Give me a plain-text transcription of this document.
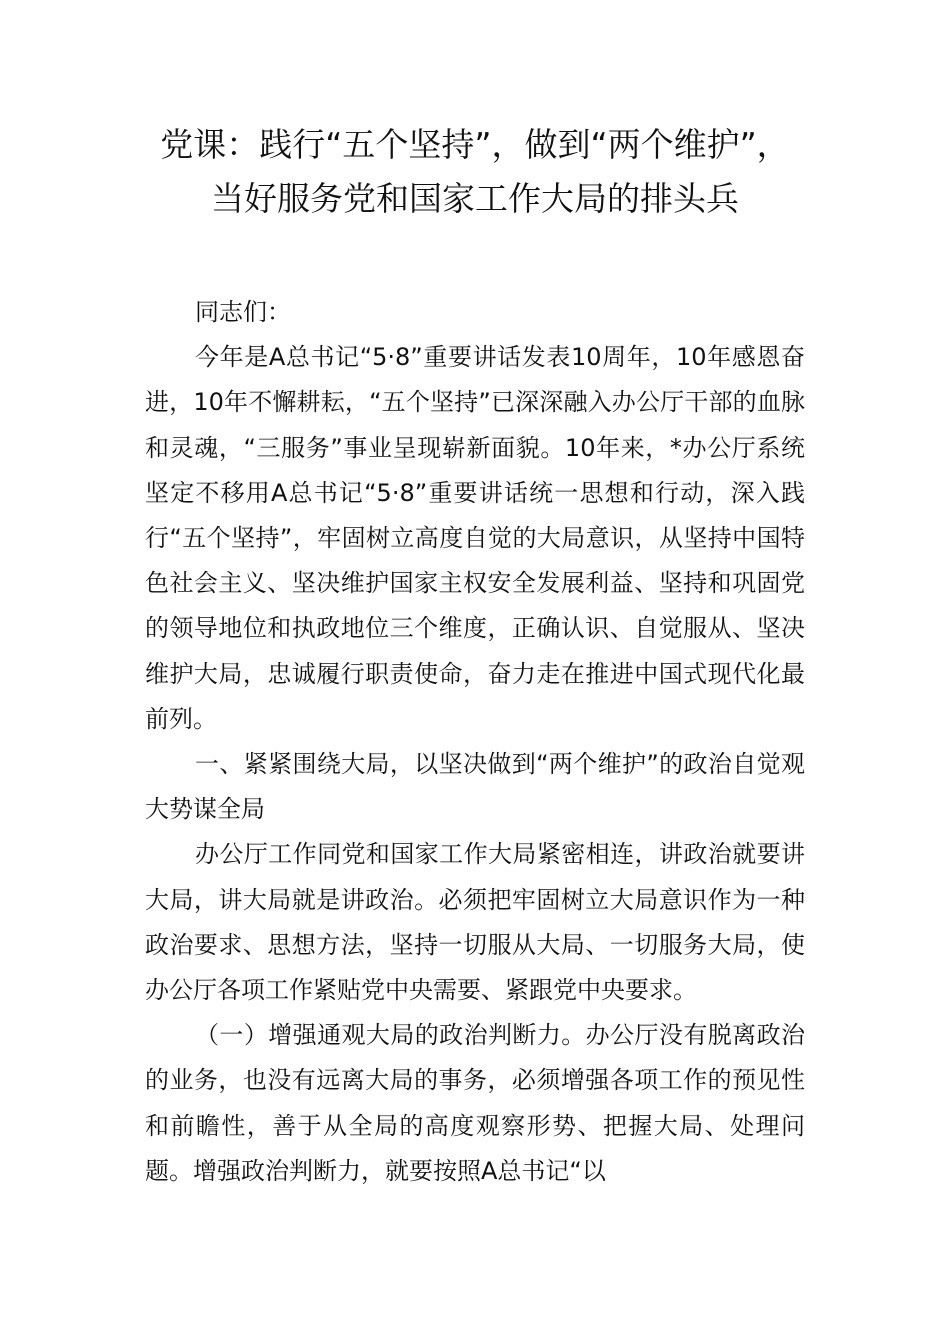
党课：践行“五个坚持”，做到“两个维护”，当好服务党和国家工作大局的排头兵

同志们：

今年是A总书记“5·8”重要讲话发表10周年，10年感恩奋进，10年不懈耕耘，“五个坚持”已深深融入办公厅干部的血脉和灵魂，“三服务”事业呈现崭新面貌。10年来，*办公厅系统坚定不移用A总书记“5·8”重要讲话统一思想和行动，深入践行“五个坚持”，牢固树立高度自觉的大局意识，从坚持中国特色社会主义、坚决维护国家主权安全发展利益、坚持和巩固党的领导地位和执政地位三个维度，正确认识、自觉服从、坚决维护大局，忠诚履行职责使命，奋力走在推进中国式现代化最前列。

一、紧紧围绕大局，以坚决做到“两个维护”的政治自觉观大势谋全局

办公厅工作同党和国家工作大局紧密相连，讲政治就要讲大局，讲大局就是讲政治。必须把牢固树立大局意识作为一种政治要求、思想方法，坚持一切服从大局、一切服务大局，使办公厅各项工作紧贴党中央需要、紧跟党中央要求。

（一）增强通观大局的政治判断力。办公厅没有脱离政治的业务，也没有远离大局的事务，必须增强各项工作的预见性和前瞻性，善于从全局的高度观察形势、把握大局、处理问题。增强政治判断力，就要按照A总书记“以
